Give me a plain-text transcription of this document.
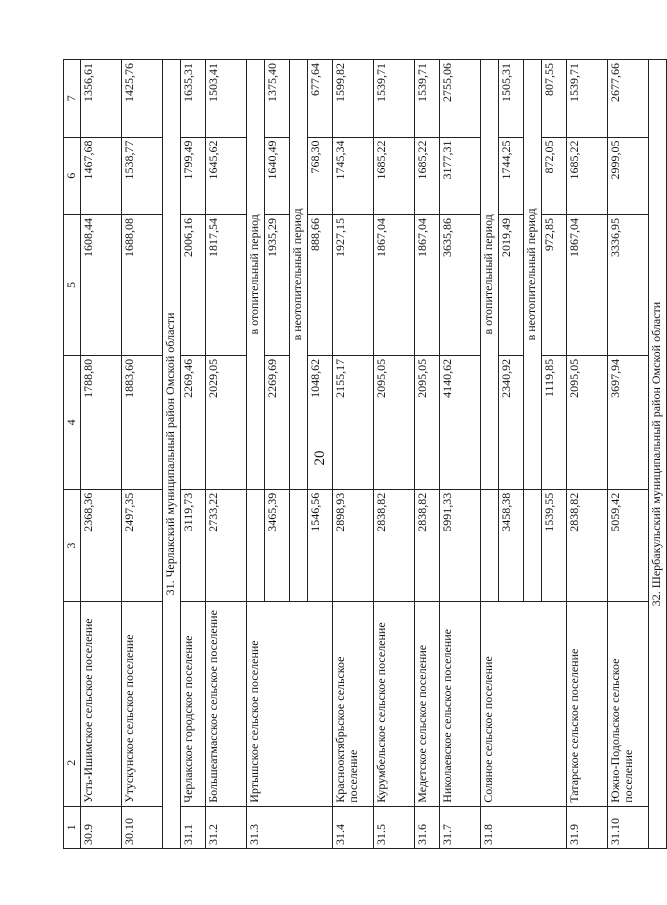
20
1	2	3	4	5	6	7
30.9	Усть-Ишимское сельское поселение	2368,36	1788,80	1608,44	1467,68	1356,61
30.10	Утускунское сельское поселение	2497,35	1883,60	1688,08	1538,77	1425,76
31. Черлакский муниципальный район Омской области						
31.1	Черлакское городское поселение	3119,73	2269,46	2006,16	1799,49	1635,31
31.2	Большеатмасское сельское поселение	2733,22	2029,05	1817,54	1645,62	1503,41
31.3	Иртышское сельское поселение		в отопительный период			
		3465,39	2269,69	1935,29	1640,49	1375,40
			в неотопительный период			
		1546,56	1048,62	888,66	768,30	677,64
31.4	Краснооктябрьское сельское поселение	2898,93	2155,17	1927,15	1745,34	1599,82
31.5	Курумбельское сельское поселение	2838,82	2095,05	1867,04	1685,22	1539,71
31.6	Медетское сельское поселение	2838,82	2095,05	1867,04	1685,22	1539,71
31.7	Николаевское сельское поселение	5991,33	4140,62	3635,86	3177,31	2755,06
31.8	Соляное сельское поселение		в отопительный период			
		3458,38	2340,92	2019,49	1744,25	1505,31
			в неотопительный период			
		1539,55	1119,85	972,85	872,05	807,55
31.9	Татарское сельское поселение	2838,82	2095,05	1867,04	1685,22	1539,71
31.10	Южно-Подольское сельское поселение	5059,42	3697,94	3336,95	2999,05	2677,66
32. Шербакульский муниципальный район Омской области						
